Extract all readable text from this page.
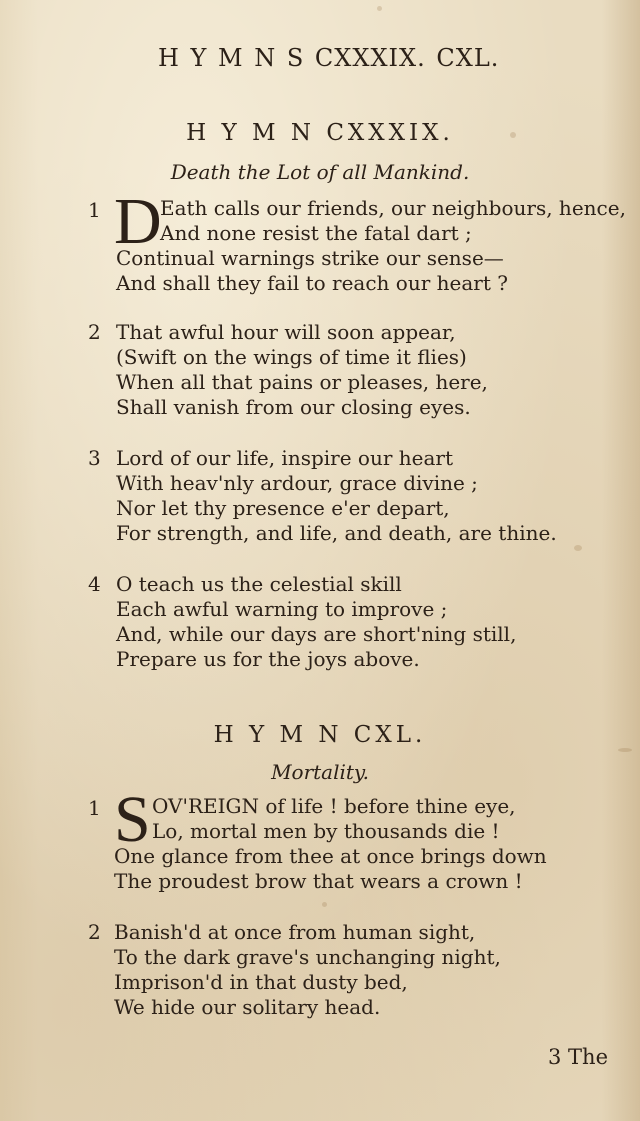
H Y M N S CXXXIX. CXL.
H Y M N CXXXIX.
Death the Lot of all Mankind.
1 D
Eath calls our friends, our neighbours, hence,
And none resist the fatal dart ;
Continual warnings strike our sense—
And shall they fail to reach our heart ?
2 That awful hour will soon appear,
(Swift on the wings of time it flies)
When all that pains or pleases, here,
Shall vanish from our closing eyes.
3 Lord of our life, inspire our heart
With heav'nly ardour, grace divine ;
Nor let thy presence e'er depart,
For strength, and life, and death, are thine.
4 O teach us the celestial skill
Each awful warning to improve ;
And, while our days are short'ning still,
Prepare us for the joys above.
H Y M N CXL.
Mortality.
1 S OV'REIGN of life ! before thine eye,
Lo, mortal men by thousands die !
One glance from thee at once brings down
The proudest brow that wears a crown !
2 Banish'd at once from human sight,
To the dark grave's unchanging night,
Imprison'd in that dusty bed,
We hide our solitary head.
3 The
